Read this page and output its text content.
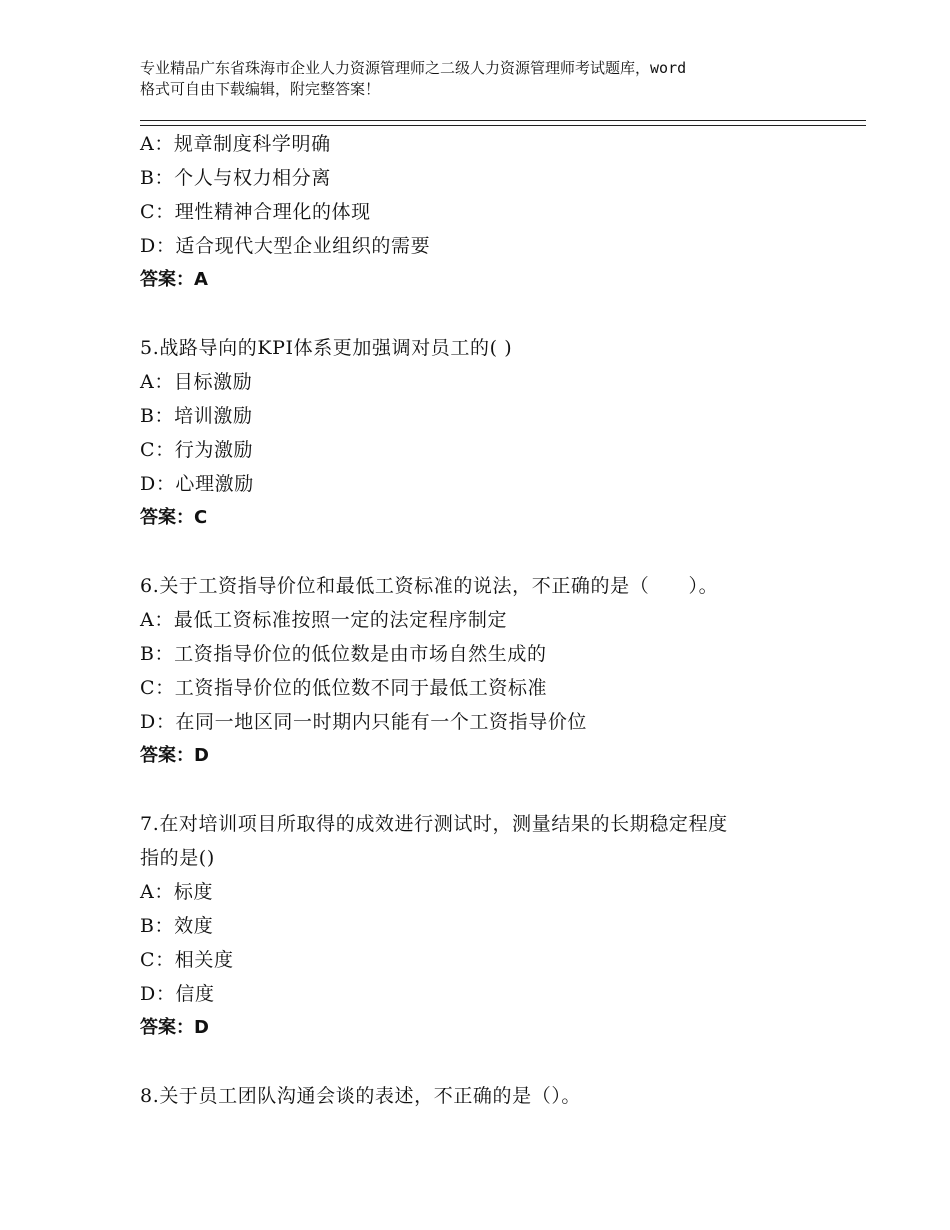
专业精品广东省珠海市企业人力资源管理师之二级人力资源管理师考试题库，word
格式可自由下载编辑，附完整答案！
A：规章制度科学明确
B：个人与权力相分离
C：理性精神合理化的体现
D：适合现代大型企业组织的需要
答案：A
5.战路导向的KPI体系更加强调对员工的( )
A：目标激励
B：培训激励
C：行为激励
D：心理激励
答案：C
6.关于工资指导价位和最低工资标准的说法，不正确的是（　　）。
A：最低工资标准按照一定的法定程序制定
B：工资指导价位的低位数是由市场自然生成的
C：工资指导价位的低位数不同于最低工资标准
D：在同一地区同一时期内只能有一个工资指导价位
答案：D
7.在对培训项目所取得的成效进行测试时，测量结果的长期稳定程度
指的是()
A：标度
B：效度
C：相关度
D：信度
答案：D
8.关于员工团队沟通会谈的表述，不正确的是（）。
